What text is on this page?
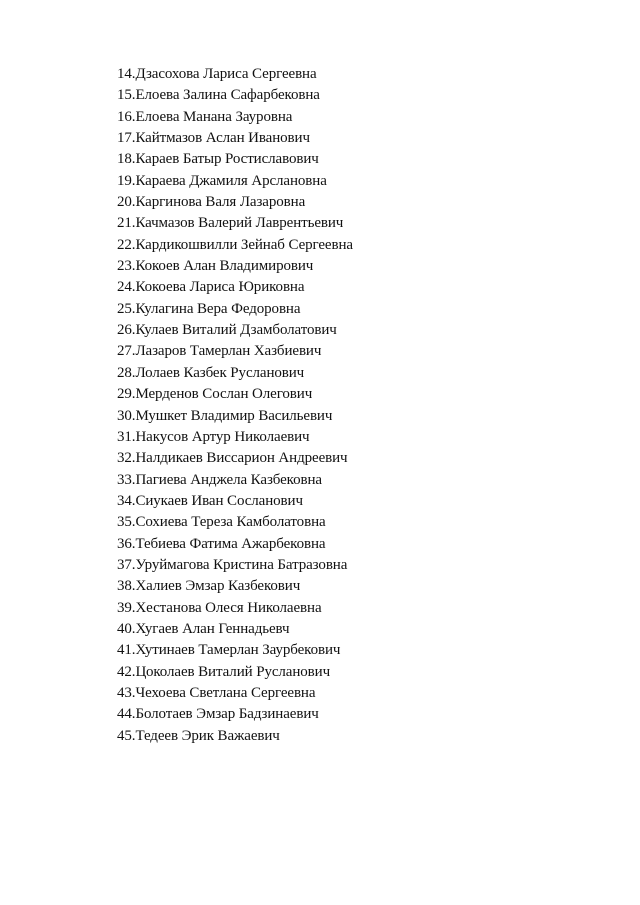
14.Дзасохова Лариса Сергеевна
15.Елоева Залина Сафарбековна
16.Елоева Манана Зауровна
17.Кайтмазов Аслан Иванович
18.Караев Батыр Ростиславович
19.Караева Джамиля Арслановна
20.Каргинова Валя Лазаровна
21.Качмазов Валерий Лаврентьевич
22.Кардикошвилли Зейнаб Сергеевна
23.Кокоев Алан Владимирович
24.Кокоева Лариса Юриковна
25.Кулагина Вера Федоровна
26.Кулаев Виталий Дзамболатович
27.Лазаров Тамерлан Хазбиевич
28.Лолаев Казбек Русланович
29.Мерденов Сослан Олегович
30.Мушкет Владимир Васильевич
31.Накусов Артур Николаевич
32.Налдикаев Виссарион Андреевич
33.Пагиева Анджела Казбековна
34.Сиукаев Иван Сосланович
35.Сохиева Тереза Камболатовна
36.Тебиева Фатима Ажарбековна
37.Уруймагова Кристина Батразовна
38.Халиев Эмзар Казбекович
39.Хестанова Олеся Николаевна
40.Хугаев Алан Геннадьевч
41.Хутинаев Тамерлан Заурбекович
42.Цоколаев Виталий Русланович
43.Чехоева Светлана Сергеевна
44.Болотаев Эмзар Бадзинаевич
45.Тедеев Эрик Важаевич
